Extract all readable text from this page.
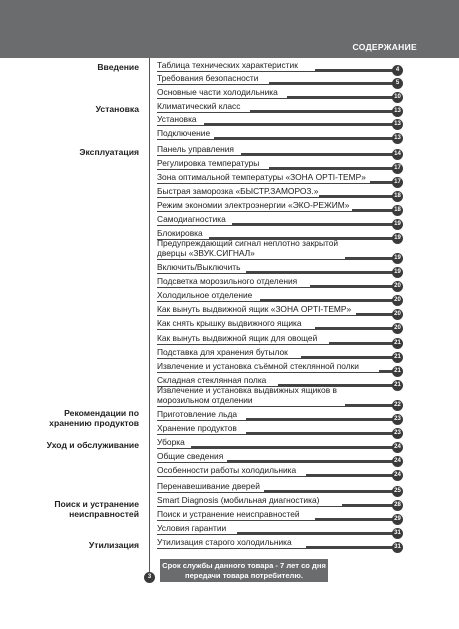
СОДЕРЖАНИЕ
Введение
Установка
Эксплуатация
Рекомендации по хранению продуктов
Уход и обслуживание
Поиск и устранение неисправностей
Утилизация
Таблица технических характеристик
4
Требования безопасности
5
Основные части холодильника
10
Климатический класс
13
Установка
13
Подключение
13
Панель управления
14
Регулировка температуры
17
Зона оптимальной температуры «ЗОНА OPTI-TEMP»
17
Быстрая заморозка «БЫСТР.ЗАМОРОЗ.»
18
Режим экономии электроэнергии «ЭКО-РЕЖИМ»
18
Самодиагностика
19
Блокировка
19
Предупреждающий сигнал неплотно закрытой дверцы «ЗВУК.СИГНАЛ»
19
Включить/Выключить
19
Подсветка морозильного отделения
20
Холодильное отделение
20
Как вынуть выдвижной ящик «ЗОНА OPTI-TEMP»
20
Как снять крышку выдвижного ящика
20
Как вынуть выдвижной ящик для овощей
21
Подставка для хранения бутылок
21
Извлечение и установка съёмной стеклянной полки
21
Складная стеклянная полка
21
Извлечение и установка выдвижных ящиков в морозильном отделении
22
Приготовление льда
23
Хранение продуктов
23
Уборка
24
Общие сведения
24
Особенности работы холодильника
24
Перенавешивание дверей
25
Smart Diagnosis (мобильная диагностика)
28
Поиск и устранение неисправностей
29
Условия гарантии
31
Утилизация старого холодильника
31
Срок службы данного товара - 7 лет со дня передачи товара потребителю.
3
